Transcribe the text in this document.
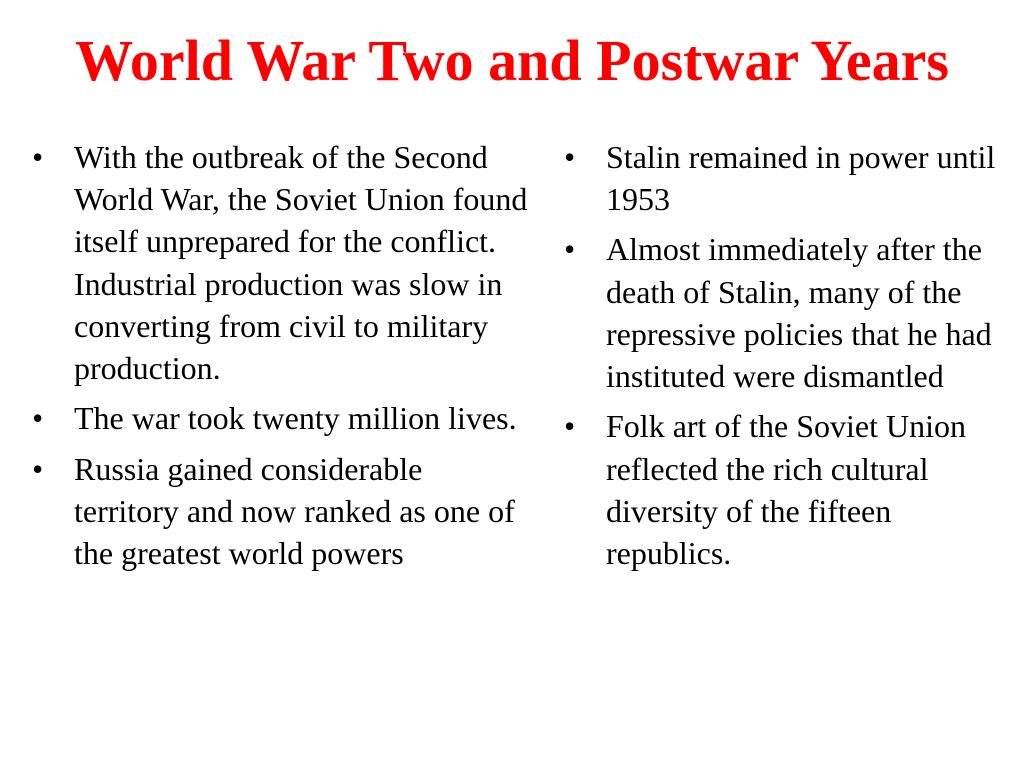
World War Two and Postwar Years
• With the outbreak of the Second World War, the Soviet Union found itself unprepared for the conflict. Industrial production was slow in converting from civil to military production.
• The war took twenty million lives.
• Russia gained considerable territory and now ranked as one of the greatest world powers
• Stalin remained in power until 1953
• Almost immediately after the death of Stalin, many of the repressive policies that he had instituted were dismantled
• Folk art of the Soviet Union reflected the rich cultural diversity of the fifteen republics.
